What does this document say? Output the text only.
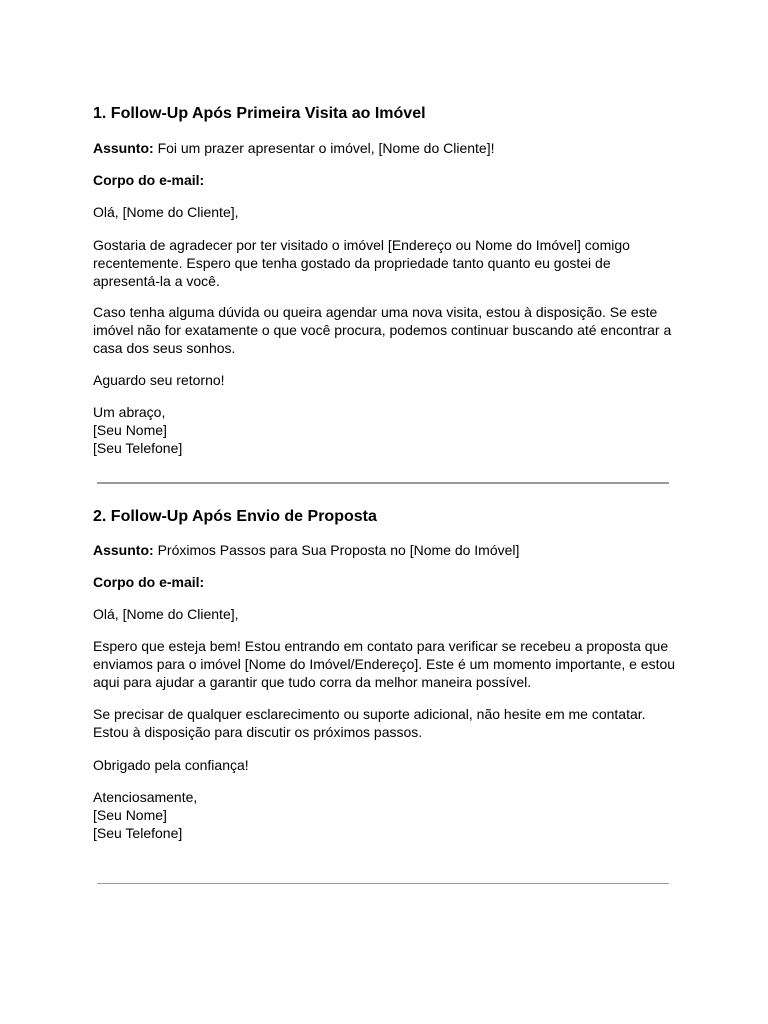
1. Follow-Up Após Primeira Visita ao Imóvel

Assunto: Foi um prazer apresentar o imóvel, [Nome do Cliente]!

Corpo do e-mail:

Olá, [Nome do Cliente],

Gostaria de agradecer por ter visitado o imóvel [Endereço ou Nome do Imóvel] comigo recentemente. Espero que tenha gostado da propriedade tanto quanto eu gostei de apresentá-la a você.

Caso tenha alguma dúvida ou queira agendar uma nova visita, estou à disposição. Se este imóvel não for exatamente o que você procura, podemos continuar buscando até encontrar a casa dos seus sonhos.

Aguardo seu retorno!

Um abraço,
[Seu Nome]
[Seu Telefone]
2. Follow-Up Após Envio de Proposta

Assunto: Próximos Passos para Sua Proposta no [Nome do Imóvel]

Corpo do e-mail:

Olá, [Nome do Cliente],

Espero que esteja bem! Estou entrando em contato para verificar se recebeu a proposta que enviamos para o imóvel [Nome do Imóvel/Endereço]. Este é um momento importante, e estou aqui para ajudar a garantir que tudo corra da melhor maneira possível.

Se precisar de qualquer esclarecimento ou suporte adicional, não hesite em me contatar. Estou à disposição para discutir os próximos passos.

Obrigado pela confiança!

Atenciosamente,
[Seu Nome]
[Seu Telefone]
